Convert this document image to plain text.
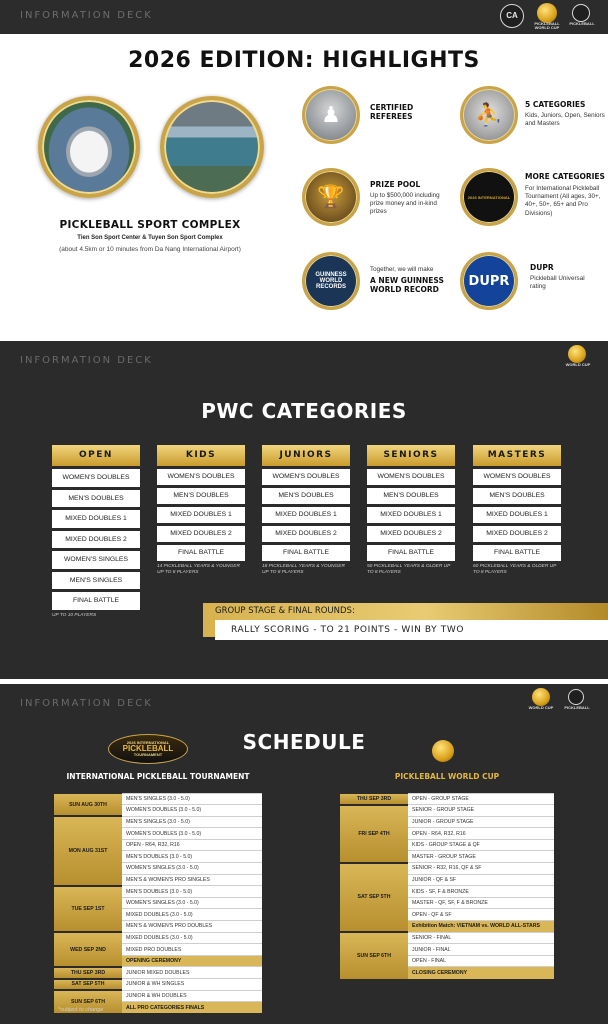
INFORMATION DECK	CA
PICKLEBALL WORLD CUP
PICKLEBALL
2026 EDITION: HIGHLIGHTS
PICKLEBALL SPORT COMPLEX
Tien Son Sport Center & Tuyen Son Sport Complex
(about 4.5km or 10 minutes from Da Nang International Airport)
♟	CERTIFIED REFEREES	⛹	5 CATEGORIES
Kids, Juniors, Open, Seniors and Masters
🏆	PRIZE POOL
Up to $500,000 including prize money and in-kind prizes
2026 INTERNATIONAL
MORE CATEGORIES
For International Pickleball Tournament (All ages, 30+, 40+, 50+, 65+ and Pro Divisions)
GUINNESS WORLD RECORDS
Together, we will make
A NEW GUINNESS WORLD RECORD
DUPR
DUPR
Pickleball Universal rating
INFORMATION DECK	WORLD CUP
PWC CATEGORIES
OPEN
WOMEN'S DOUBLES
MEN'S DOUBLES
MIXED DOUBLES 1
MIXED DOUBLES 2
WOMEN'S SINGLES
MEN'S SINGLES
FINAL BATTLE
UP TO 10 PLAYERS
KIDS
WOMEN'S DOUBLES
MEN'S DOUBLES
MIXED DOUBLES 1
MIXED DOUBLES 2
FINAL BATTLE
14 PICKLEBALL YEARS & YOUNGER UP TO 8 PLAYERS
JUNIORS
WOMEN'S DOUBLES
MEN'S DOUBLES
MIXED DOUBLES 1
MIXED DOUBLES 2
FINAL BATTLE
18 PICKLEBALL YEARS & YOUNGER UP TO 8 PLAYERS
SENIORS
WOMEN'S DOUBLES
MEN'S DOUBLES
MIXED DOUBLES 1
MIXED DOUBLES 2
FINAL BATTLE
50 PICKLEBALL YEARS & OLDER UP TO 8 PLAYERS
MASTERS
WOMEN'S DOUBLES
MEN'S DOUBLES
MIXED DOUBLES 1
MIXED DOUBLES 2
FINAL BATTLE
60 PICKLEBALL YEARS & OLDER UP TO 8 PLAYERS
GROUP STAGE & FINAL ROUNDS:
RALLY SCORING - TO 21 POINTS - WIN BY TWO
INFORMATION DECK	WORLD CUP	PICKLEBALL
SCHEDULE
2026 INTERNATIONAL
PICKLEBALL
TOURNAMENT
INTERNATIONAL PICKLEBALL TOURNAMENT	PICKLEBALL WORLD CUP
SUN AUG 30TH	MEN'S SINGLES (3.0 - 5.0)
	WOMEN'S DOUBLES (3.0 - 5.0)
MON AUG 31ST	MEN'S SINGLES (3.0 - 5.0)
	WOMEN'S DOUBLES (3.0 - 5.0)
	OPEN - R64, R32, R16
	MEN'S DOUBLES (3.0 - 5.0)
	WOMEN'S SINGLES (3.0 - 5.0)
	MEN'S & WOMEN'S PRO SINGLES
TUE SEP 1ST	MEN'S DOUBLES (3.0 - 5.0)
	WOMEN'S SINGLES (3.0 - 5.0)
	MIXED DOUBLES (3.0 - 5.0)
	MEN'S & WOMEN'S PRO DOUBLES
WED SEP 2ND	MIXED DOUBLES (3.0 - 5.0)
	MIXED PRO DOUBLES
	OPENING CEREMONY
THU SEP 3RD	JUNIOR MIXED DOUBLES
SAT SEP 5TH	JUNIOR & WH SINGLES
SUN SEP 6TH	JUNIOR & WH DOUBLES
	ALL PRO CATEGORIES FINALS
THU SEP 3RD	OPEN - GROUP STAGE
FRI SEP 4TH	SENIOR - GROUP STAGE
	JUNIOR - GROUP STAGE
	OPEN - R64, R32, R16
	KIDS - GROUP STAGE & QF
	MASTER - GROUP STAGE
SAT SEP 5TH	SENIOR - R32, R16, QF & SF
	JUNIOR - QF & SF
	KIDS - SF, F & BRONZE
	MASTER - QF, SF, F & BRONZE
	OPEN - QF & SF
	Exhibition Match: VIETNAM vs. WORLD ALL-STARS
SUN SEP 6TH	SENIOR - FINAL
	JUNIOR - FINAL
	OPEN - FINAL
	CLOSING CEREMONY
*subject to change
